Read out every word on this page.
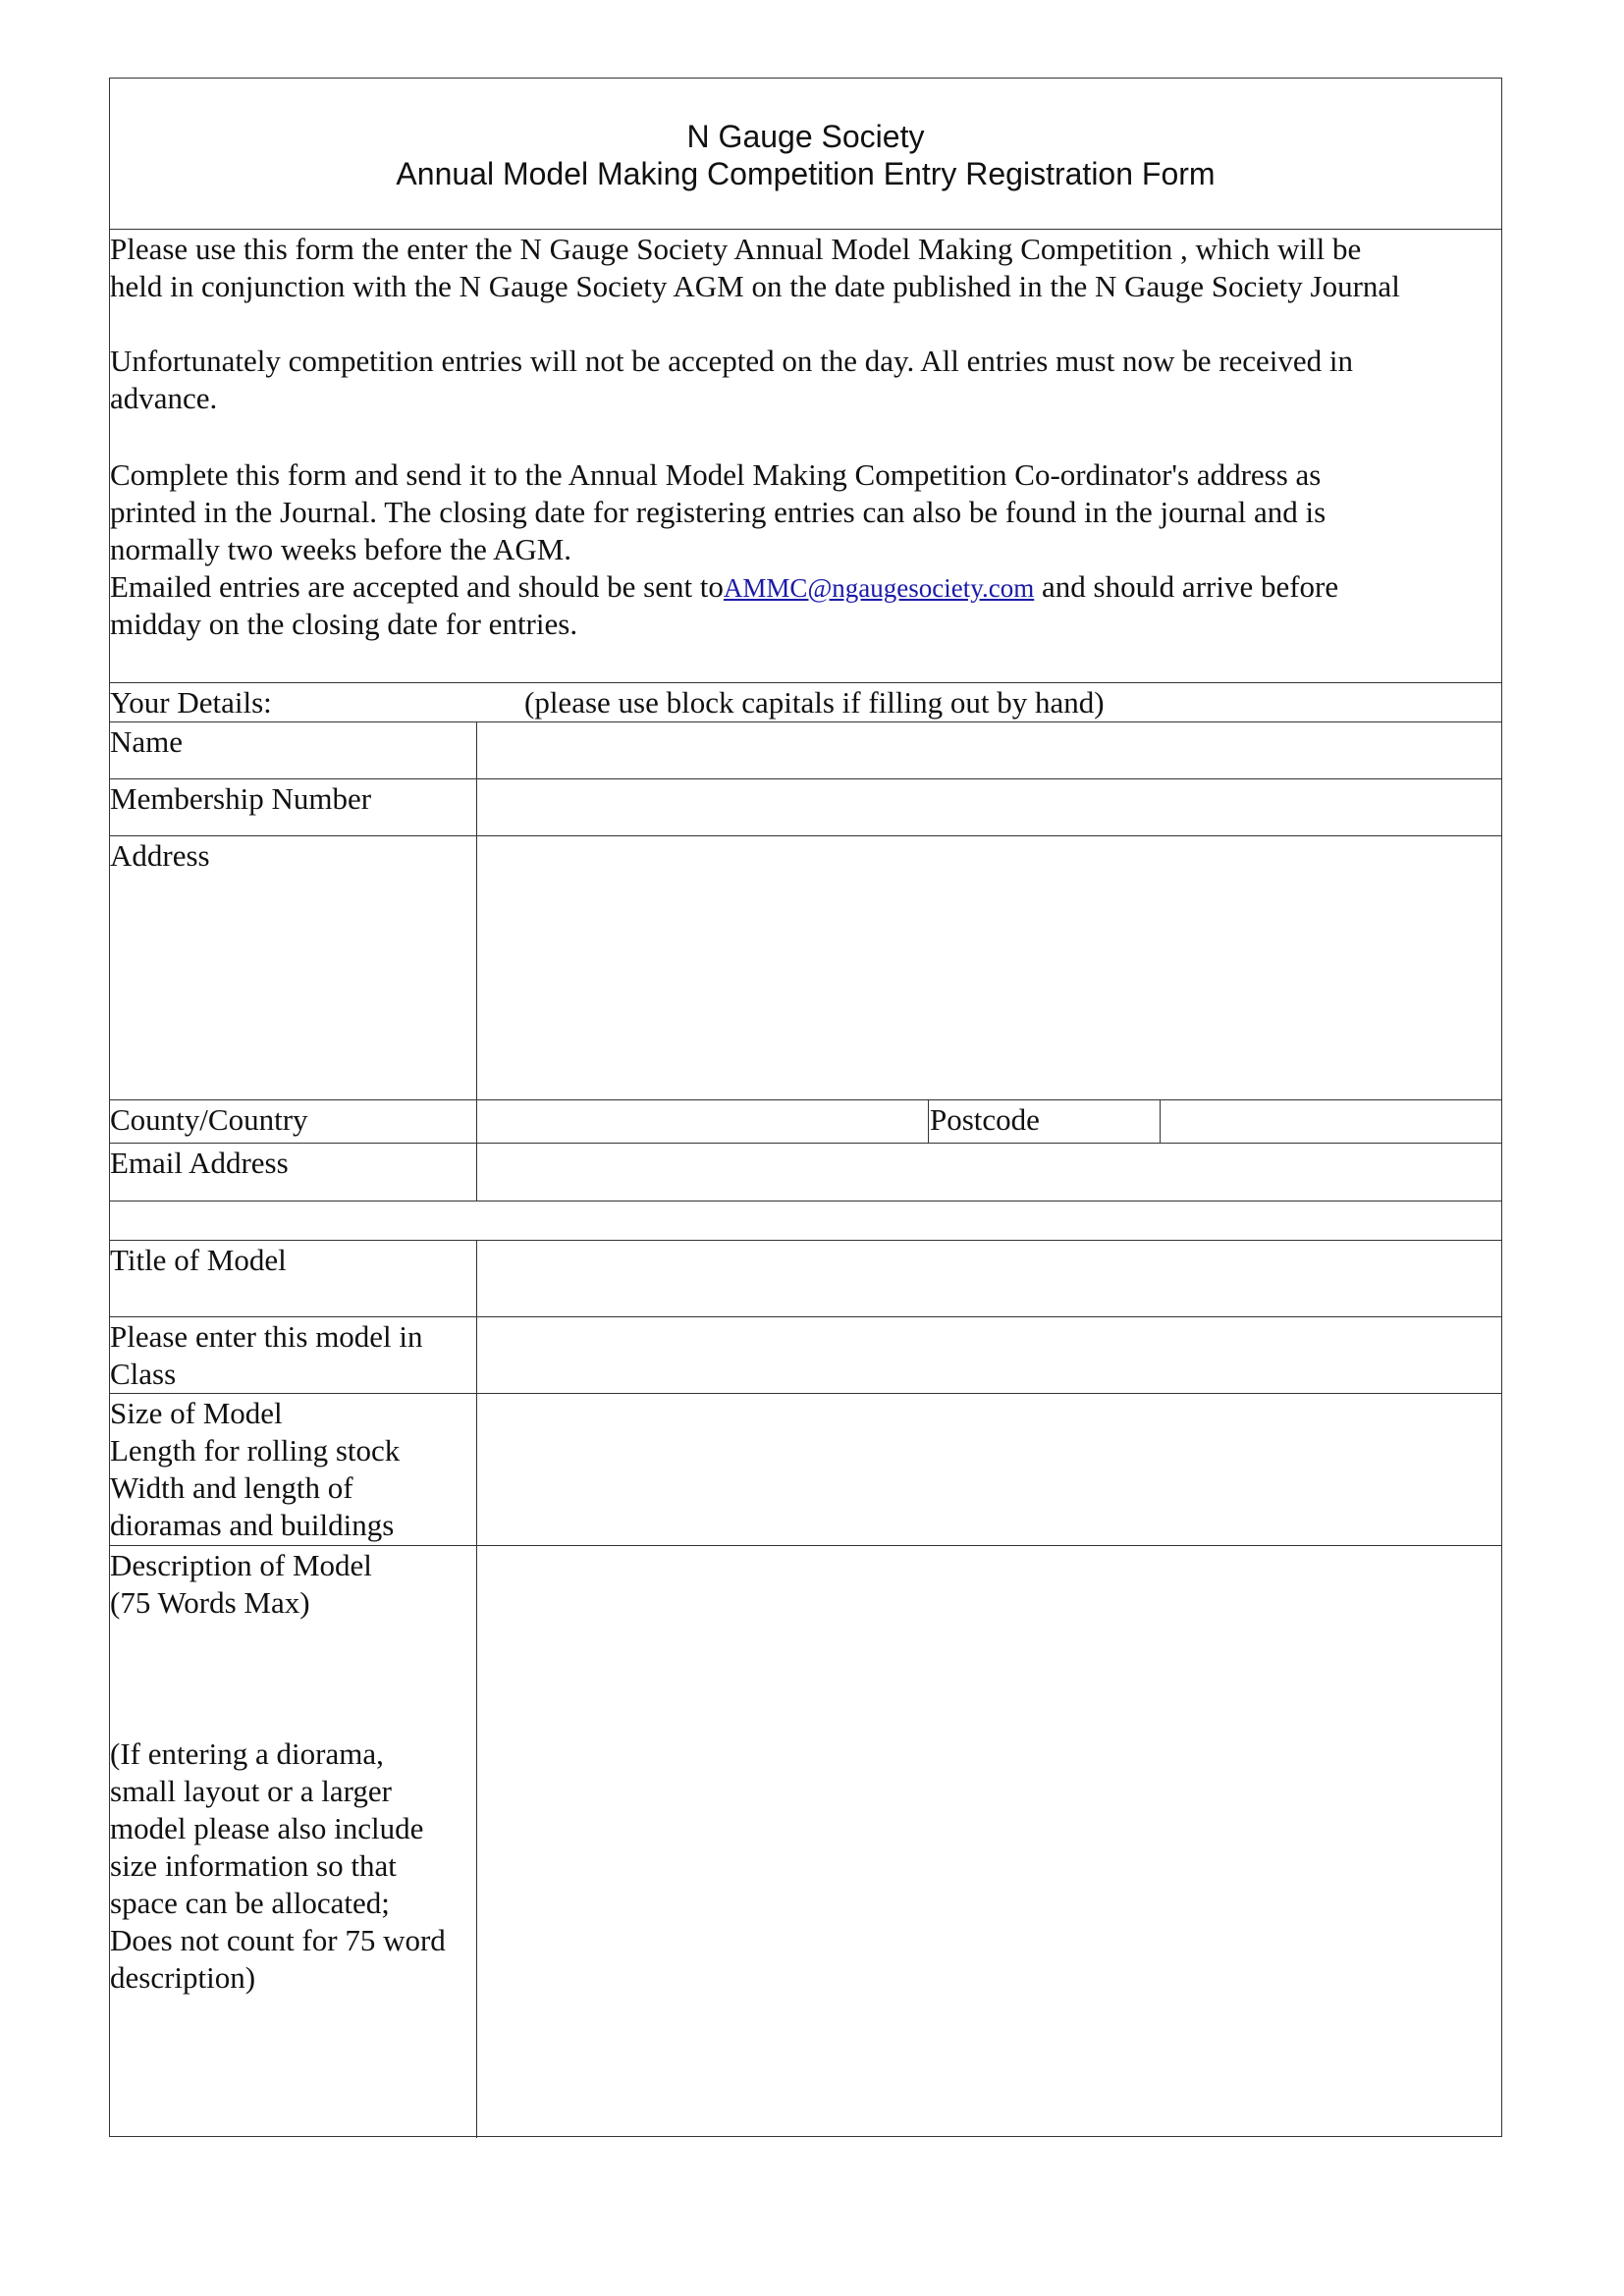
N Gauge Society
Annual Model Making Competition Entry Registration Form
Please use this form the enter the N Gauge Society Annual Model Making Competition , which will be
held in conjunction with the N Gauge Society AGM on the date published in the N Gauge Society Journal
Unfortunately competition entries will not be accepted on the day. All entries must now be received in
advance.
Complete this form and send it to the Annual Model Making Competition Co-ordinator's address as
printed in the Journal. The closing date for registering entries can also be found in the journal and is
normally two weeks before the AGM.
Emailed entries are accepted and should be sent toAMMC@ngaugesociety.com and should arrive before
midday on the closing date for entries.
Your Details:	(please use block capitals if filling out by hand)
Name
Membership Number
Address
County/Country	Postcode
Email Address
Title of Model
Please enter this model in
Class
Size of Model
Length for rolling stock
Width and length of
dioramas and buildings
Description of Model
(75 Words Max)
(If entering a diorama,
small layout or a larger
model please also include
size information so that
space can be allocated;
Does not count for 75 word
description)
